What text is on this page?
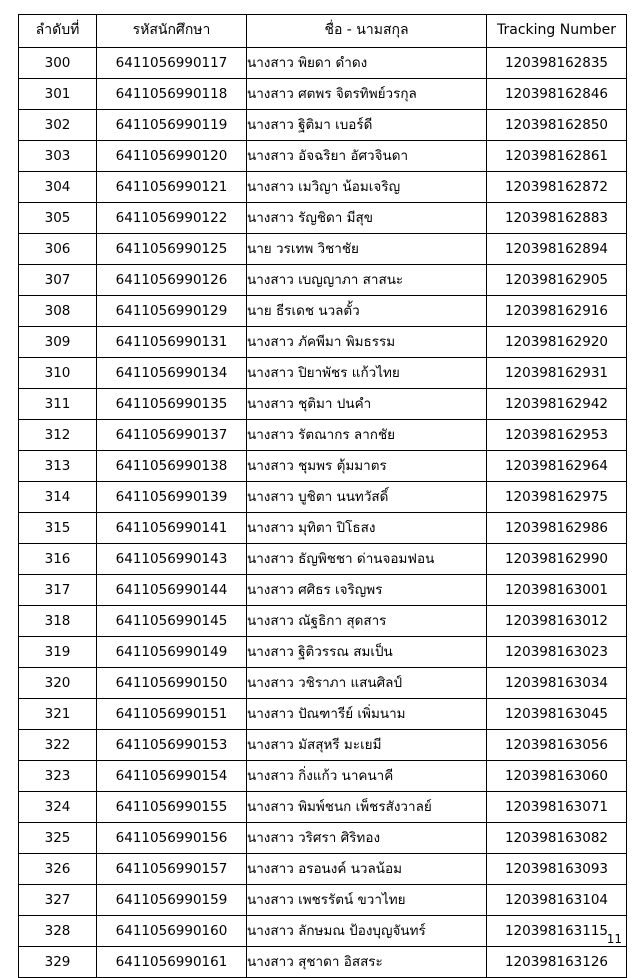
ลำดับที่	รหัสนักศึกษา	ชื่อ - นามสกุล	Tracking Number
300	6411056990117	นางสาว พิยดา ดำดง	120398162835
301	6411056990118	นางสาว ศตพร จิตรทิพย์วรกุล	120398162846
302	6411056990119	นางสาว ฐิติมา เบอร์ดี	120398162850
303	6411056990120	นางสาว อัจฉริยา อัศวจินดา	120398162861
304	6411056990121	นางสาว เมวิญา น้อมเจริญ	120398162872
305	6411056990122	นางสาว รัญชิดา มีสุข	120398162883
306	6411056990125	นาย วรเทพ วิชาชัย	120398162894
307	6411056990126	นางสาว เบญญาภา สาสนะ	120398162905
308	6411056990129	นาย ธีรเดช นวลตั้ว	120398162916
309	6411056990131	นางสาว ภัคพีมา พิมธรรม	120398162920
310	6411056990134	นางสาว ปิยาพัชร แก้วไทย	120398162931
311	6411056990135	นางสาว ชุติมา ปนคำ	120398162942
312	6411056990137	นางสาว รัตณากร ลากชัย	120398162953
313	6411056990138	นางสาว ชุมพร ตุ้มมาตร	120398162964
314	6411056990139	นางสาว บูชิตา นนทวัสดิ์	120398162975
315	6411056990141	นางสาว มุทิตา ปิโธสง	120398162986
316	6411056990143	นางสาว ธัญพิชชา ด่านจอมฟอน	120398162990
317	6411056990144	นางสาว ศศิธร เจริญพร	120398163001
318	6411056990145	นางสาว ณัฐธิกา สุดสาร	120398163012
319	6411056990149	นางสาว ฐิติวรรณ สมเป็น	120398163023
320	6411056990150	นางสาว วชิราภา แสนศิลป์	120398163034
321	6411056990151	นางสาว ปัณฑารีย์ เพิ่มนาม	120398163045
322	6411056990153	นางสาว มัสสุหรี มะเยมี	120398163056
323	6411056990154	นางสาว กิ่งแก้ว นาคนาคี	120398163060
324	6411056990155	นางสาว พิมพ์ชนก เพ็ชรสังวาลย์	120398163071
325	6411056990156	นางสาว วริศรา ศิริทอง	120398163082
326	6411056990157	นางสาว อรอนงค์ นวลน้อม	120398163093
327	6411056990159	นางสาว เพชรรัตน์ ขวาไทย	120398163104
328	6411056990160	นางสาว ลักษมณ ป้องบุญจันทร์	120398163115
329	6411056990161	นางสาว สุชาดา อิสสระ	120398163126
11
